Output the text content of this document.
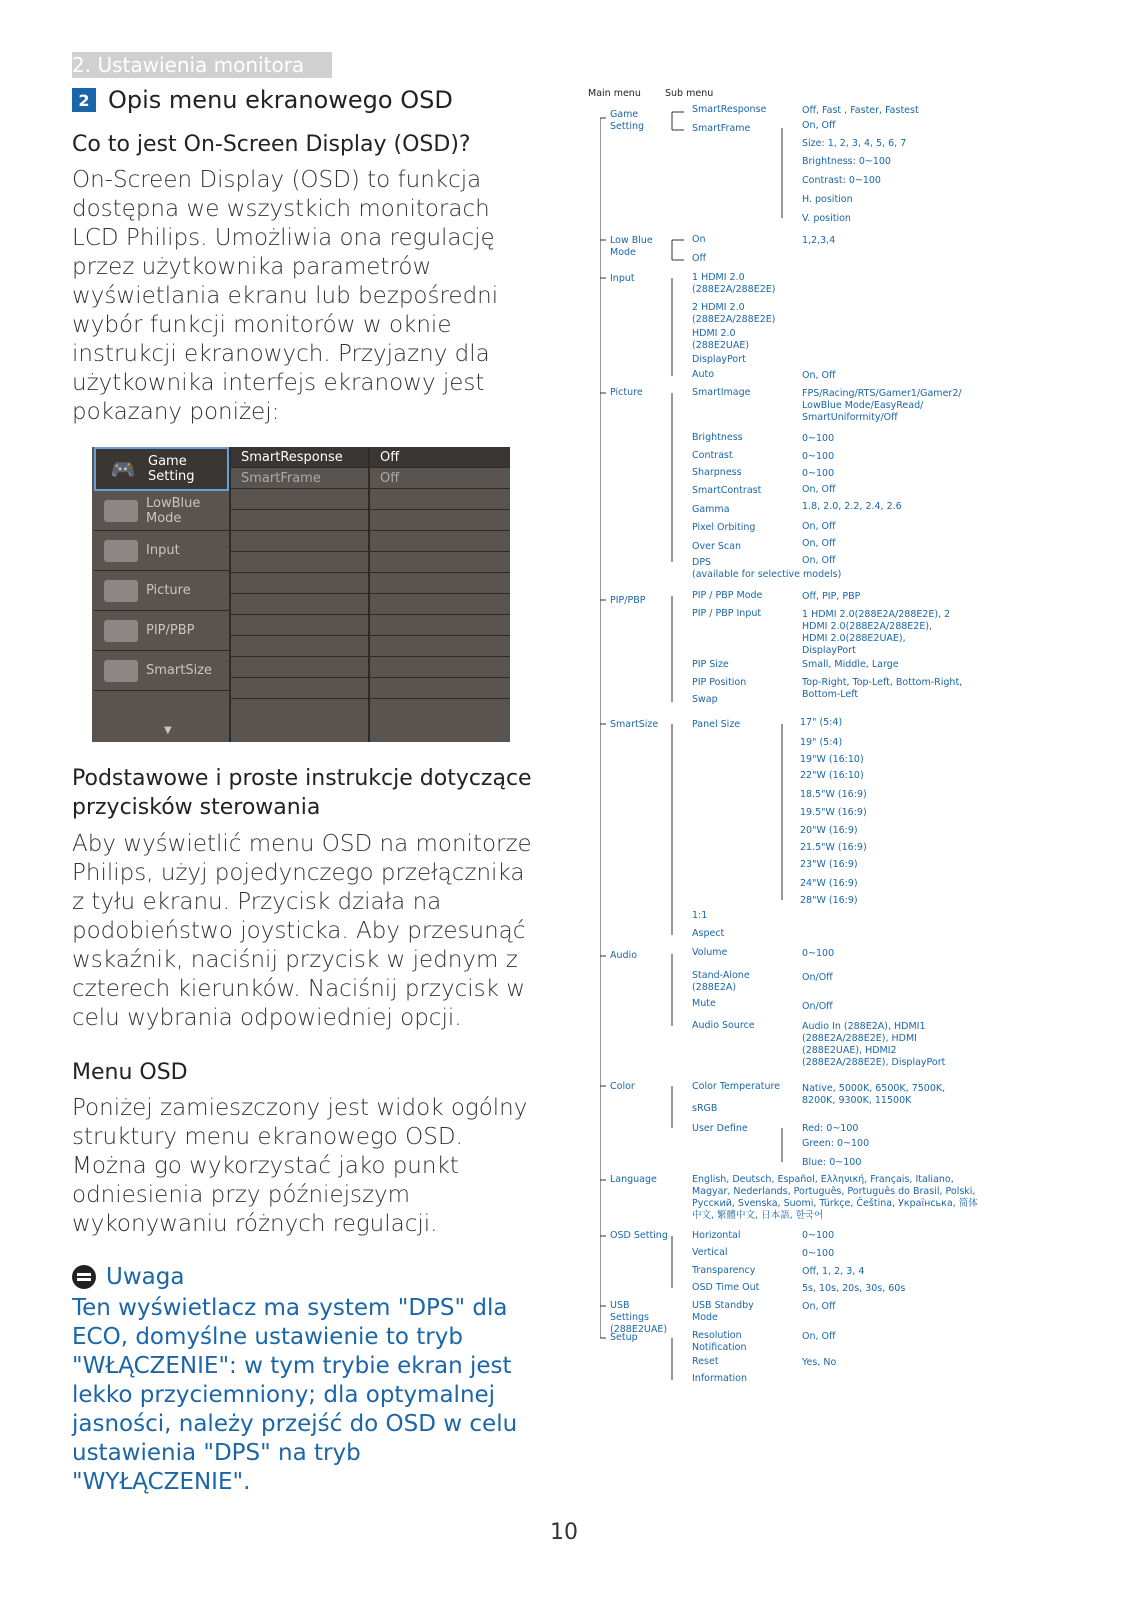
2. Ustawienia monitora
2 Opis menu ekranowego OSD
Co to jest On-Screen Display (OSD)?
On-Screen Display (OSD) to funkcja dostępna we wszystkich monitorach LCD Philips. Umożliwia ona regulację przez użytkownika parametrów wyświetlania ekranu lub bezpośredni wybór funkcji monitorów w oknie instrukcji ekranowych. Przyjazny dla użytkownika interfejs ekranowy jest pokazany poniżej:
🎮 Game Setting
LowBlue Mode
Input
Picture
PIP/PBP
SmartSize
▼
SmartResponse
SmartFrame
Off
Off
Podstawowe i proste instrukcje dotyczące przycisków sterowania
Aby wyświetlić menu OSD na monitorze Philips, użyj pojedynczego przełącznika z tyłu ekranu. Przycisk działa na podobieństwo joysticka. Aby przesunąć wskaźnik, naciśnij przycisk w jednym z czterech kierunków. Naciśnij przycisk w celu wybrania odpowiedniej opcji.
Menu OSD
Poniżej zamieszczony jest widok ogólny struktury menu ekranowego OSD. Można go wykorzystać jako punkt odniesienia przy późniejszym wykonywaniu różnych regulacji.
Uwaga
Ten wyświetlacz ma system "DPS" dla ECO, domyślne ustawienie to tryb "WŁĄCZENIE": w tym trybie ekran jest lekko przyciemniony; dla optymalnej jasności, należy przejść do OSD w celu ustawienia "DPS" na tryb "WYŁĄCZENIE".
Main menu	Sub menu
Game Setting
Low Blue Mode
Input
Picture
PIP/PBP
SmartSize
Audio
Color
Language
OSD Setting
USB Settings (288E2UAE)
Setup
SmartResponse
SmartFrame
On
Off
1 HDMI 2.0 (288E2A/288E2E)
2 HDMI 2.0 (288E2A/288E2E)
HDMI 2.0 (288E2UAE)
DisplayPort
Auto
SmartImage
Brightness
Contrast
Sharpness
SmartContrast
Gamma
Pixel Orbiting
Over Scan
DPS
(available for selective models)
PIP / PBP Mode
PIP / PBP Input
PIP Size
PIP Position
Swap
Panel Size
1:1
Aspect
Volume
Stand-Alone (288E2A)
Mute
Audio Source
Color Temperature
sRGB
User Define
English, Deutsch, Español, Ελληνική, Français, Italiano, Magyar, Nederlands, Português, Português do Brasil, Polski, Русский, Svenska, Suomi, Türkçe, Čeština, Українська, 简体中文, 繁體中文, 日本語, 한국어
Horizontal
Vertical
Transparency
OSD Time Out
USB Standby Mode
Resolution Notification
Reset
Information
Off, Fast , Faster, Fastest
On, Off
Size: 1, 2, 3, 4, 5, 6, 7
Brightness: 0~100
Contrast: 0~100
H. position
V. position
1,2,3,4
On, Off
FPS/Racing/RTS/Gamer1/Gamer2/ LowBlue Mode/EasyRead/ SmartUniformity/Off
0~100
0~100
0~100
On, Off
1.8, 2.0, 2.2, 2.4, 2.6
On, Off
On, Off
On, Off
Off, PIP, PBP
1 HDMI 2.0(288E2A/288E2E), 2 HDMI 2.0(288E2A/288E2E), HDMI 2.0(288E2UAE), DisplayPort
Small, Middle, Large
Top-Right, Top-Left, Bottom-Right, Bottom-Left
17" (5:4)
19" (5:4)
19"W (16:10)
22"W (16:10)
18.5"W (16:9)
19.5"W (16:9)
20"W (16:9)
21.5"W (16:9)
23"W (16:9)
24"W (16:9)
28"W (16:9)
0~100
On/Off
On/Off
Audio In (288E2A), HDMI1 (288E2A/288E2E), HDMI (288E2UAE), HDMI2 (288E2A/288E2E), DisplayPort
Native, 5000K, 6500K, 7500K, 8200K, 9300K, 11500K
Red: 0~100
Green: 0~100
Blue: 0~100
0~100
0~100
Off, 1, 2, 3, 4
5s, 10s, 20s, 30s, 60s
On, Off
On, Off
Yes, No
10
